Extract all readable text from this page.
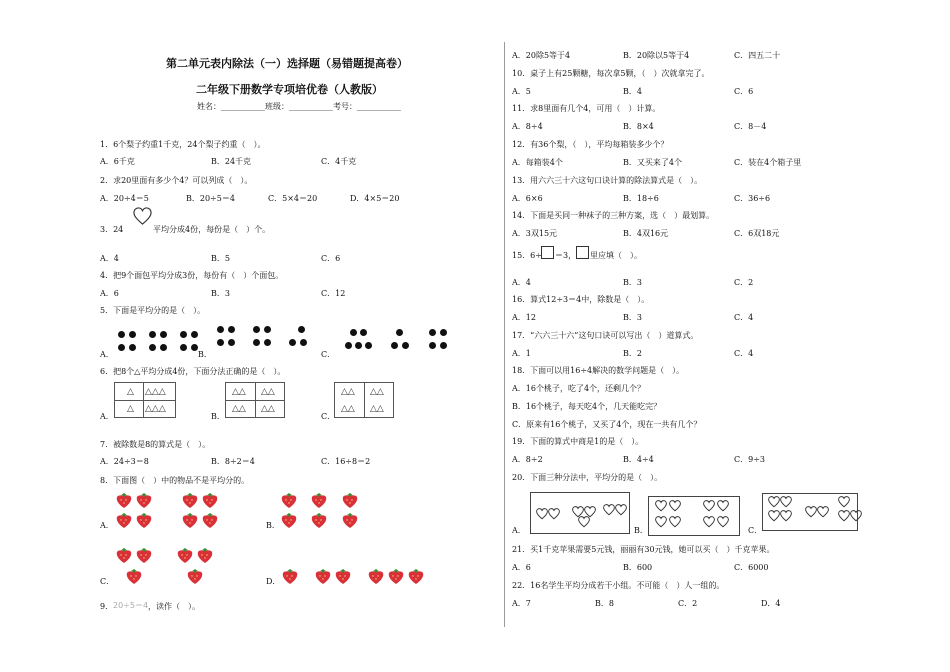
第二单元表内除法（一）选择题（易错题提高卷）
二年级下册数学专项培优卷（人教版）
姓名：___________班级：___________考号：___________
1．6个梨子约重1千克，24个梨子约重（　）。
A．6千克	B．24千克	C．4千克
2．求20里面有多少个4？可以列成（　）。
A．20÷4＝5	B．20÷5＝4	C．5×4＝20	D．4×5＝20
3．24	平均分成4份，每份是（　）个。
A．4	B．5	C．6
4．把9个面包平均分成3份，每份有（　）个面包。
A．6	B．3	C．12
5．下面是平均分的是（　）。
A．	B．	C．
6．把8个△平均分成4份，下面分法正确的是（　）。
A．	B．	C．
△ △△△
△ △△△
△△ △△
△△ △△
△△ △△
△△ △△
7．被除数是8的算式是（　）。
A．24÷3＝8	B．8÷2＝4	C．16÷8＝2
8．下面图（　）中的物品不是平均分的。
A．	B．
C．	D．
9． 20÷5＝4 ，读作（　）。
A．20除5等于4	B．20除以5等于4	C．四五二十
10．桌子上有25颗糖，每次拿5颗，（　）次就拿完了。
A．5	B．4	C．6
11．求8里面有几个4，可用（　）计算。
A．8÷4	B．8×4	C．8－4
12．有36个梨，（　），平均每箱装多少个？
A．每箱装4个	B．又买来了4个	C．装在4个箱子里
13．用六六三十六这句口诀计算的除法算式是（　）。
A．6×6	B．18÷6	C．36÷6
14．下面是买同一种袜子的三种方案，选（　）最划算。
A．3双15元	B．4双16元	C．6双18元
15．6÷ ＝3， 里应填（　）。
A．4	B．3	C．2
16．算式12÷3＝4中，除数是（　）。
A．12	B．3	C．4
17．“六六三十六”这句口诀可以写出（　）道算式。
A．1	B．2	C．4
18．下面可以用16÷4解决的数学问题是（　）。
A．16个桃子，吃了4个，还剩几个？
B．16个桃子，每天吃4个，几天能吃完？
C．原来有16个桃子，又买了4个，现在一共有几个？
19．下面的算式中商是1的是（　）。
A．8÷2	B．4÷4	C．9÷3
20．下面三种分法中，平均分的是（　）。
A．	B．	C．
21．买1千克苹果需要5元钱，丽丽有30元钱，她可以买（　）千克苹果。
A．6	B．600	C．6000
22．16名学生平均分成若干小组。不可能（　）人一组的。
A．7	B．8	C．2	D．4
